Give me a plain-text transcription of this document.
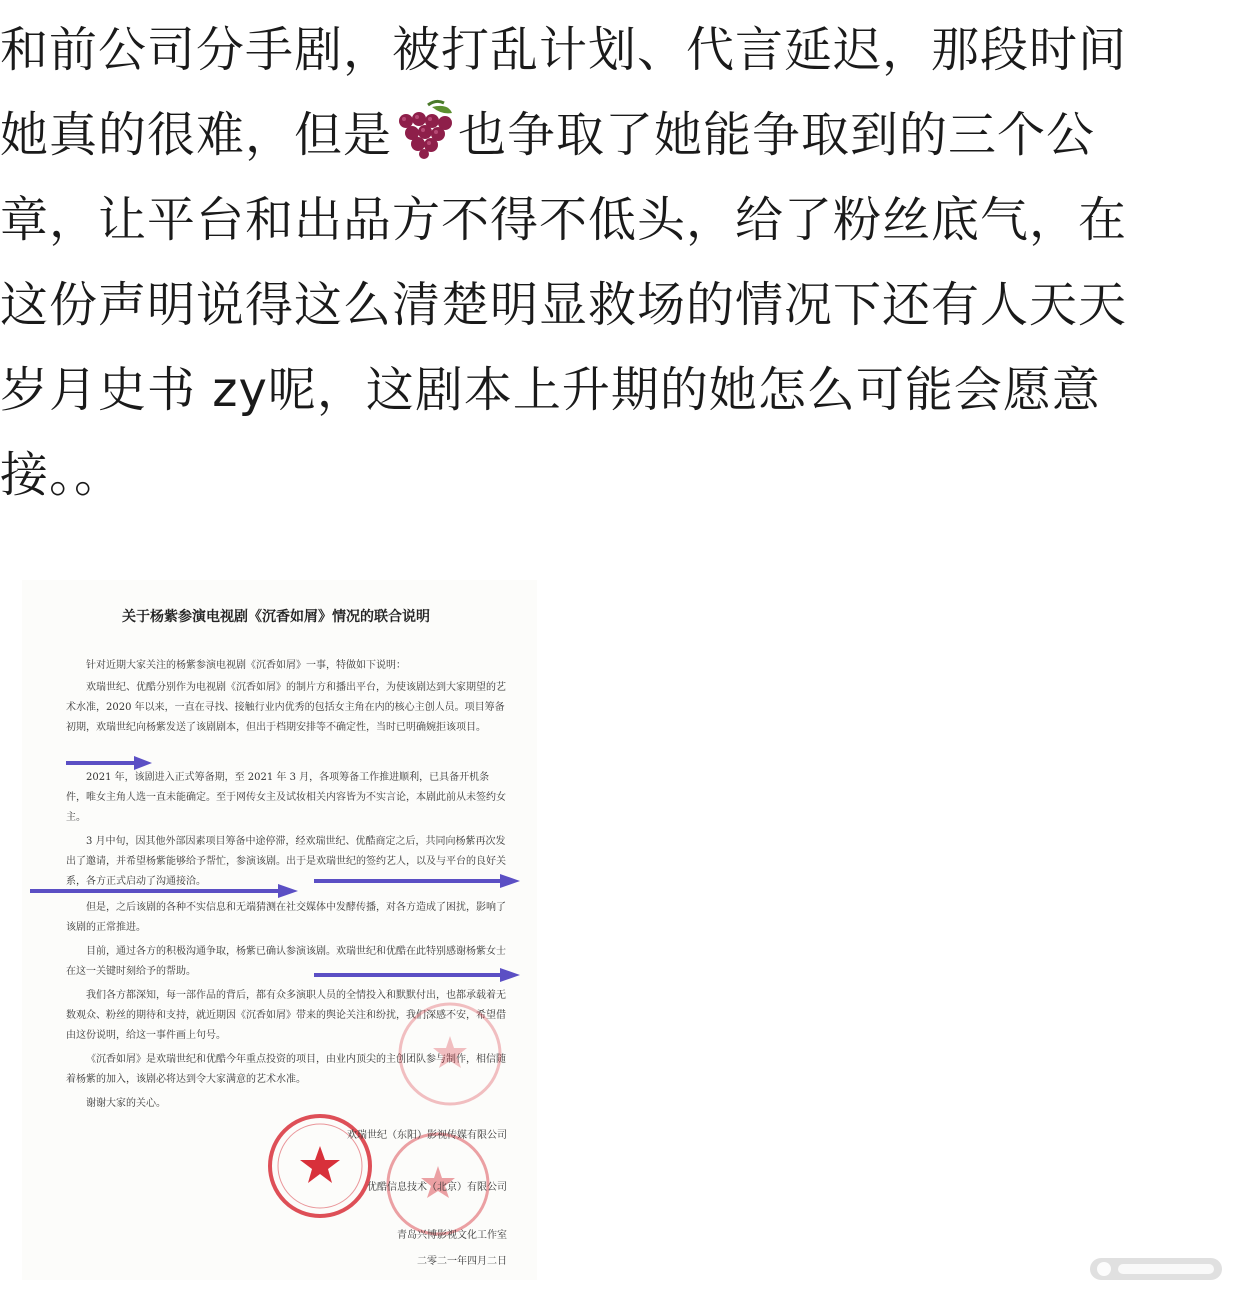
和前公司分手剧，被打乱计划、代言延迟，那段时间
她真的很难，但是 也争取了她能争取到的三个公
章，让平台和出品方不得不低头，给了粉丝底气，在
这份声明说得这么清楚明显救场的情况下还有人天天
岁月史书 zy呢，这剧本上升期的她怎么可能会愿意
接。。
关于杨紫参演电视剧《沉香如屑》情况的联合说明
针对近期大家关注的杨紫参演电视剧《沉香如屑》一事，特做如下说明：
欢瑞世纪、优酷分别作为电视剧《沉香如屑》的制片方和播出平台，为使该剧达到大家期望的艺术水准，2020 年以来，一直在寻找、接触行业内优秀的包括女主角在内的核心主创人员。项目筹备初期，欢瑞世纪向杨紫发送了该剧剧本，但出于档期安排等不确定性，当时已明确婉拒该项目。
2021 年，该剧进入正式筹备期，至 2021 年 3 月，各项筹备工作推进顺利，已具备开机条件，唯女主角人选一直未能确定。至于网传女主及试妆相关内容皆为不实言论，本剧此前从未签约女主。
3 月中旬，因其他外部因素项目筹备中途停滞，经欢瑞世纪、优酷商定之后，共同向杨紫再次发出了邀请，并希望杨紫能够给予帮忙，参演该剧。出于是欢瑞世纪的签约艺人，以及与平台的良好关系，各方正式启动了沟通接洽。
但是，之后该剧的各种不实信息和无端猜测在社交媒体中发酵传播，对各方造成了困扰，影响了该剧的正常推进。
目前，通过各方的积极沟通争取，杨紫已确认参演该剧。欢瑞世纪和优酷在此特别感谢杨紫女士在这一关键时刻给予的帮助。
我们各方都深知，每一部作品的背后，都有众多演职人员的全情投入和默默付出，也都承载着无数观众、粉丝的期待和支持，就近期因《沉香如屑》带来的舆论关注和纷扰，我们深感不安，希望借由这份说明，给这一事件画上句号。
《沉香如屑》是欢瑞世纪和优酷今年重点投资的项目，由业内顶尖的主创团队参与制作，相信随着杨紫的加入，该剧必将达到令大家满意的艺术水准。
谢谢大家的关心。
欢瑞世纪（东阳）影视传媒有限公司
优酷信息技术（北京）有限公司
青岛兴博影视文化工作室
二零二一年四月二日
